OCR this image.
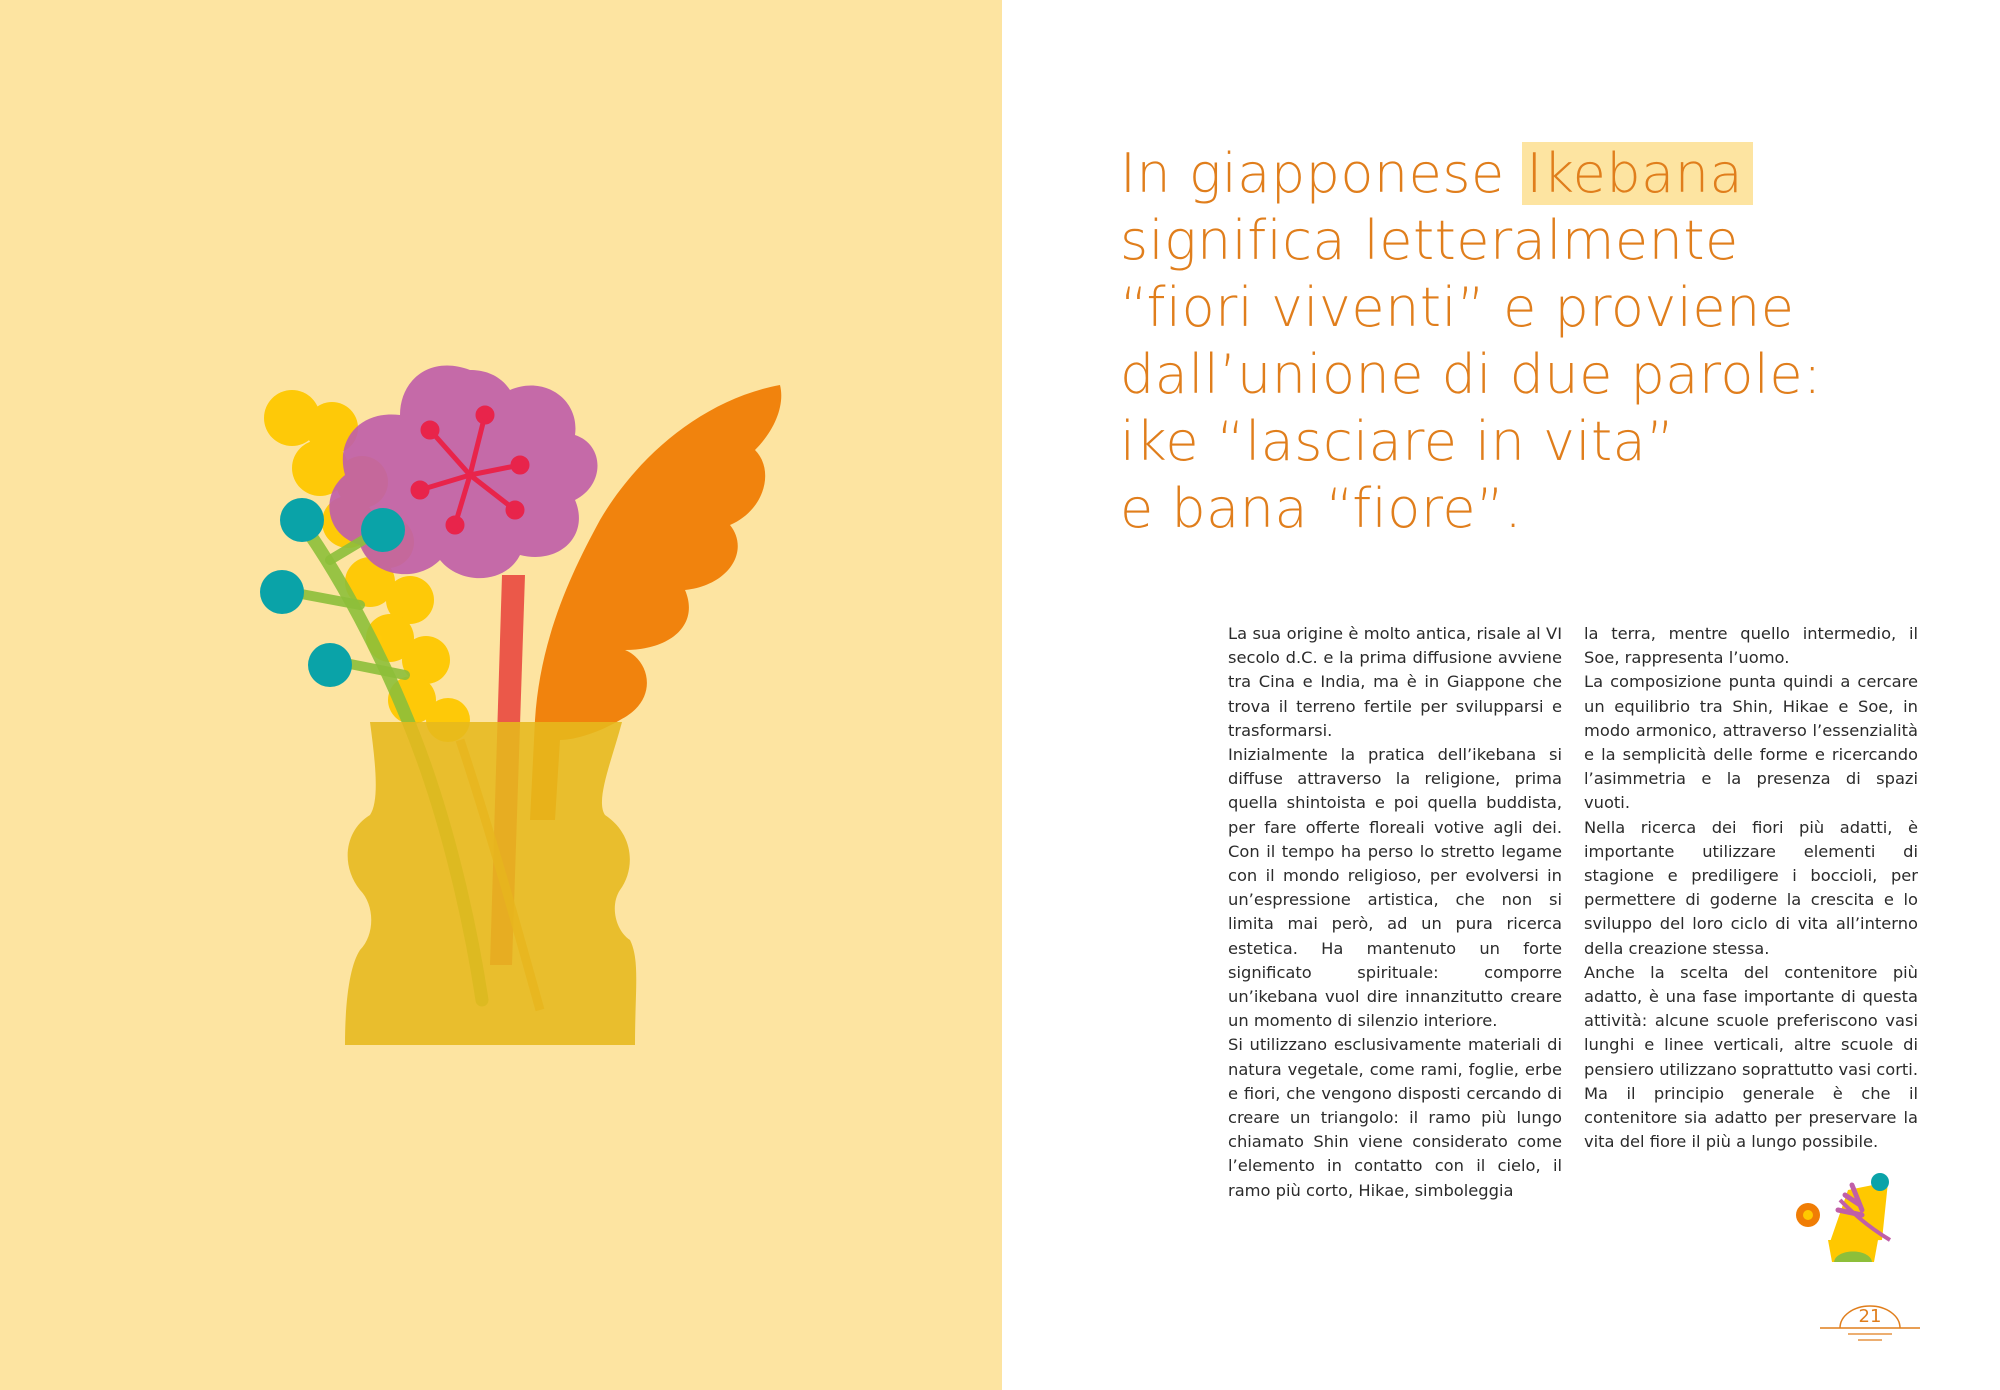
In giapponese Ikebana
significa letteralmente
“fiori viventi” e proviene
dall’unione di due parole:
ike “lasciare in vita”
e bana “fiore”.

La sua origine è molto antica, risale al VI secolo d.C. e la prima diffusione avviene tra Cina e India, ma è in Giappone che trova il terreno fertile per svilupparsi e trasformarsi.

Inizialmente la pratica dell’ikebana si diffuse attraverso la religione, prima quella shintoista e poi quella buddista, per fare offerte floreali votive agli dei. Con il tempo ha perso lo stretto legame con il mondo religioso, per evolversi in un’espressione artistica, che non si limita mai però, ad un pura ricerca estetica. Ha mantenuto un forte significato spirituale: comporre un’ikebana vuol dire innanzitutto creare un momento di silenzio interiore.

Si utilizzano esclusivamente materiali di natura vegetale, come rami, foglie, erbe e fiori, che vengono disposti cercando di creare un triangolo: il ramo più lungo chiamato Shin viene considerato come l’elemento in contatto con il cielo, il ramo più corto, Hikae, simboleggia

la terra, mentre quello intermedio, il Soe, rappresenta l’uomo.

La composizione punta quindi a cercare un equilibrio tra Shin, Hikae e Soe, in modo armonico, attraverso l’essenzialità e la semplicità delle forme e ricercando l’asimmetria e la presenza di spazi vuoti.

Nella ricerca dei fiori più adatti, è importante utilizzare elementi di stagione e prediligere i boccioli, per permettere di goderne la crescita e lo sviluppo del loro ciclo di vita all’interno della creazione stessa.

Anche la scelta del contenitore più adatto, è una fase importante di questa attività: alcune scuole preferiscono vasi lunghi e linee verticali, altre scuole di pensiero utilizzano soprattutto vasi corti. Ma il principio generale è che il contenitore sia adatto per preservare la vita del fiore il più a lungo possibile.

21
